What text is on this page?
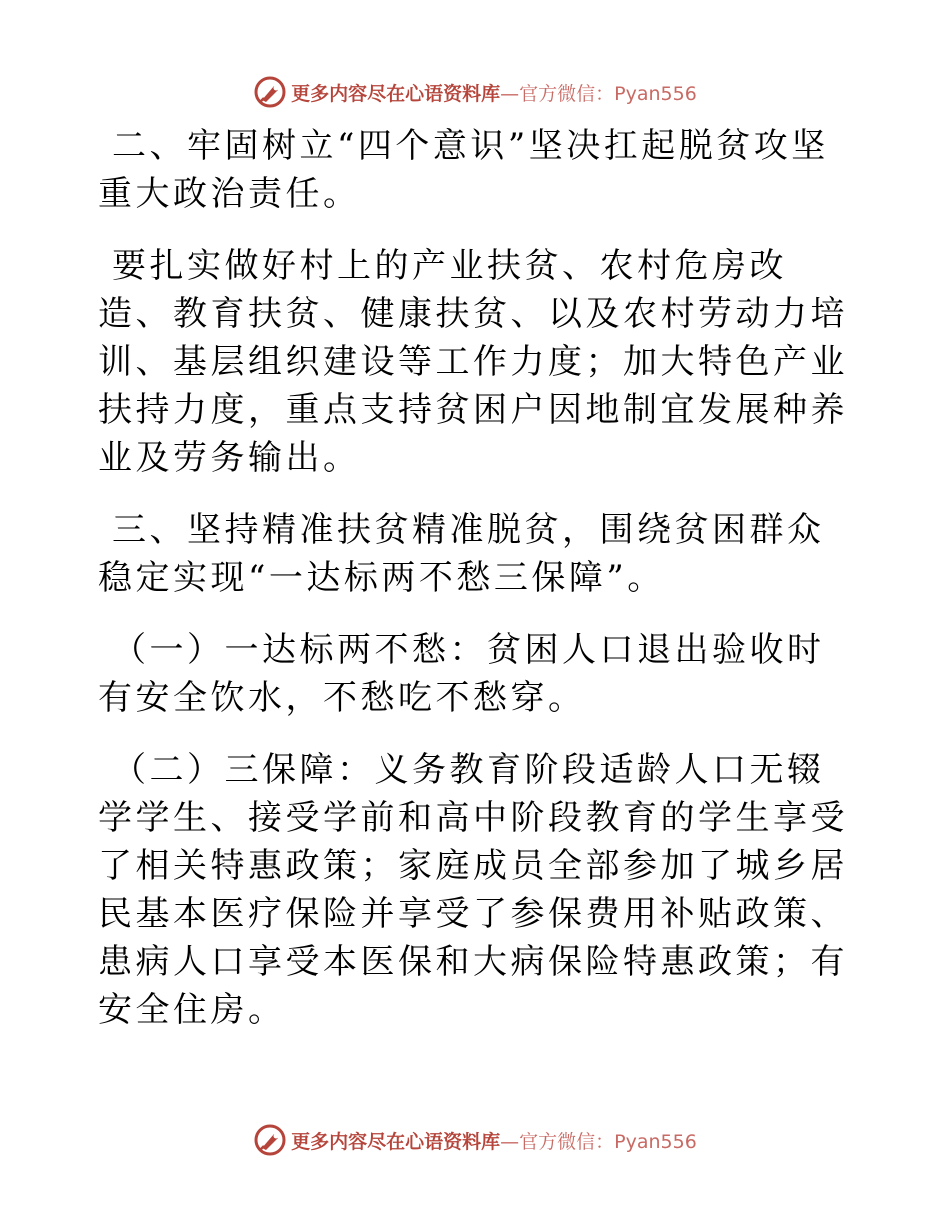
更多内容尽在心语资料库—官方微信：Pyan556

二、牢固树立“四个意识”坚决扛起脱贫攻坚重大政治责任。

要扎实做好村上的产业扶贫、农村危房改造、教育扶贫、健康扶贫、以及农村劳动力培训、基层组织建设等工作力度；加大特色产业扶持力度，重点支持贫困户因地制宜发展种养业及劳务输出。

三、坚持精准扶贫精准脱贫，围绕贫困群众稳定实现“一达标两不愁三保障”。

（一）一达标两不愁：贫困人口退出验收时有安全饮水，不愁吃不愁穿。

（二）三保障：义务教育阶段适龄人口无辍学学生、接受学前和高中阶段教育的学生享受了相关特惠政策；家庭成员全部参加了城乡居民基本医疗保险并享受了参保费用补贴政策、患病人口享受本医保和大病保险特惠政策；有安全住房。

更多内容尽在心语资料库—官方微信：Pyan556
